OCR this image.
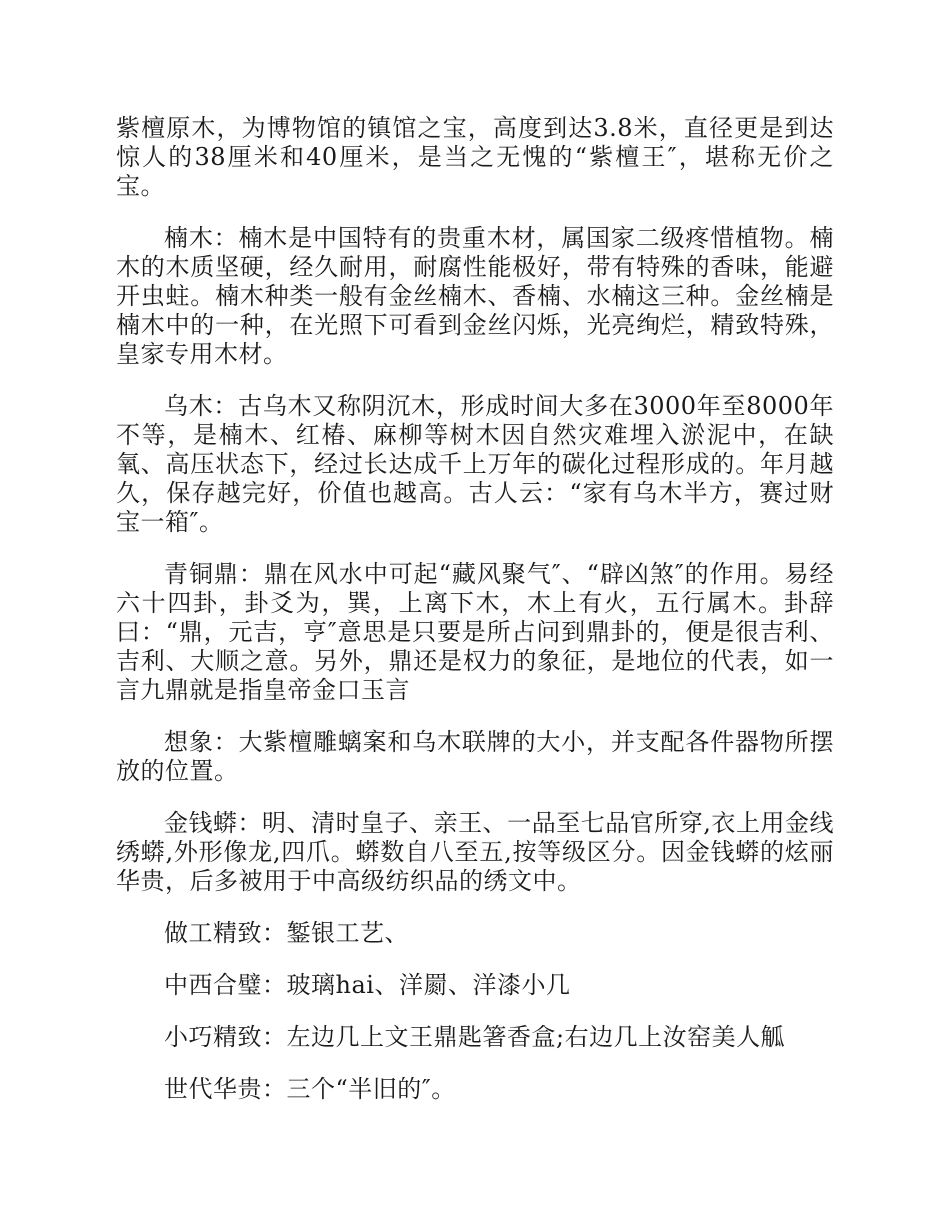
紫檀原木，为博物馆的镇馆之宝，高度到达3.8米，直径更是到达惊人的38厘米和40厘米，是当之无愧的“紫檀王″，堪称无价之宝。

楠木：楠木是中国特有的贵重木材，属国家二级疼惜植物。楠木的木质坚硬，经久耐用，耐腐性能极好，带有特殊的香味，能避开虫蛀。楠木种类一般有金丝楠木、香楠、水楠这三种。金丝楠是楠木中的一种，在光照下可看到金丝闪烁，光亮绚烂，精致特殊，皇家专用木材。

乌木：古乌木又称阴沉木，形成时间大多在3000年至8000年不等，是楠木、红椿、麻柳等树木因自然灾难埋入淤泥中，在缺氧、高压状态下，经过长达成千上万年的碳化过程形成的。年月越久，保存越完好，价值也越高。古人云：“家有乌木半方，赛过财宝一箱″。

青铜鼎：鼎在风水中可起“藏风聚气″、“辟凶煞″的作用。易经六十四卦，卦爻为，巽，上离下木，木上有火，五行属木。卦辞曰：“鼎，元吉，亨″意思是只要是所占问到鼎卦的，便是很吉利、吉利、大顺之意。另外，鼎还是权力的象征，是地位的代表，如一言九鼎就是指皇帝金口玉言

想象：大紫檀雕螭案和乌木联牌的大小，并支配各件器物所摆放的位置。

金钱蟒：明、清时皇子、亲王、一品至七品官所穿,衣上用金线绣蟒,外形像龙,四爪。蟒数自八至五,按等级区分。因金钱蟒的炫丽华贵，后多被用于中高级纺织品的绣文中。

做工精致：錾银工艺、

中西合璧：玻璃hai、洋罽、洋漆小几

小巧精致：左边几上文王鼎匙箸香盒;右边几上汝窑美人觚

世代华贵：三个“半旧的″。
